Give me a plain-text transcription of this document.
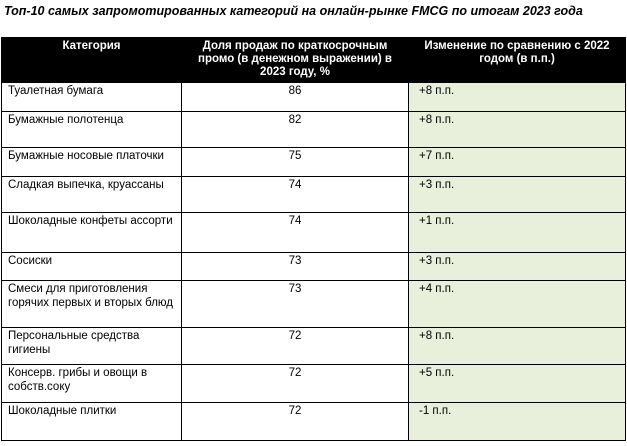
Топ-10 самых запромотированных категорий на онлайн-рынке FMCG по итогам 2023 года
Категория	Доля продаж по краткосрочным промо (в денежном выражении) в 2023 году, %	Изменение по сравнению с 2022 годом (в п.п.)
Туалетная бумага	86	+8 п.п.
Бумажные полотенца	82	+8 п.п.
Бумажные носовые платочки	75	+7 п.п.
Сладкая выпечка, круассаны	74	+3 п.п.
Шоколадные конфеты ассорти	74	+1 п.п.
Сосиски	73	+3 п.п.
Смеси для приготовления горячих первых и вторых блюд	73	+4 п.п.
Персональные средства гигиены	72	+8 п.п.
Консерв. грибы и овощи в собств.соку	72	+5 п.п.
Шоколадные плитки	72	-1 п.п.
